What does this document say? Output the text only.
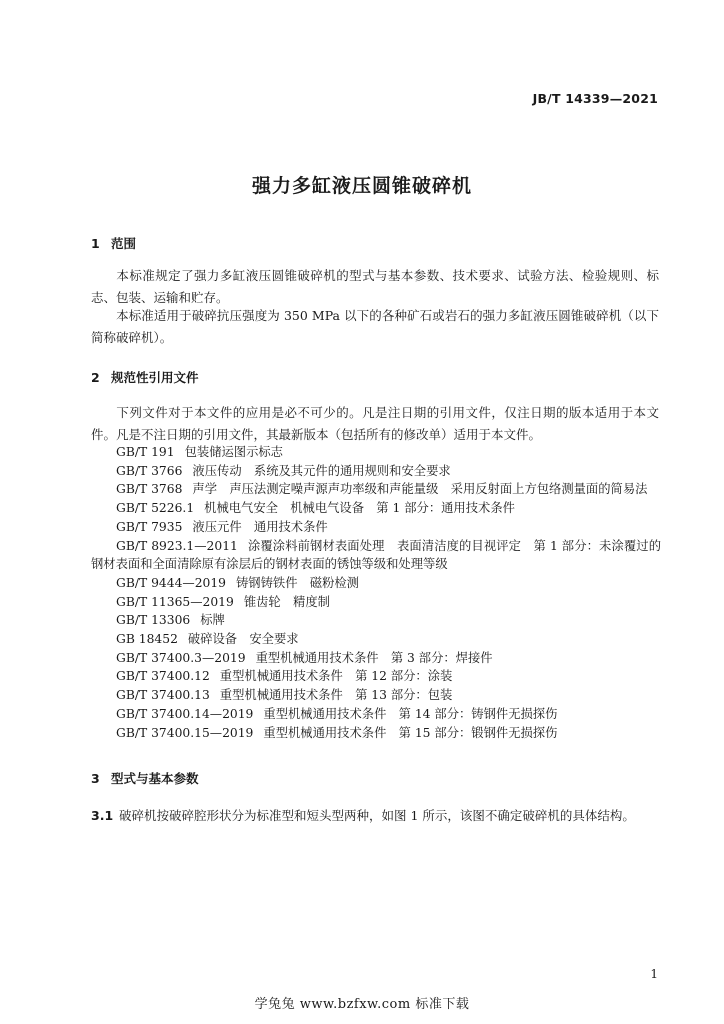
JB/T 14339—2021
强力多缸液压圆锥破碎机
1 范围
本标准规定了强力多缸液压圆锥破碎机的型式与基本参数、技术要求、试验方法、检验规则、标志、包装、运输和贮存。
本标准适用于破碎抗压强度为 350 MPa 以下的各种矿石或岩石的强力多缸液压圆锥破碎机（以下简称破碎机）。
2 规范性引用文件
下列文件对于本文件的应用是必不可少的。凡是注日期的引用文件，仅注日期的版本适用于本文件。凡是不注日期的引用文件，其最新版本（包括所有的修改单）适用于本文件。
GB/T 191 包装储运图示标志
GB/T 3766 液压传动　系统及其元件的通用规则和安全要求
GB/T 3768 声学　声压法测定噪声源声功率级和声能量级　采用反射面上方包络测量面的简易法
GB/T 5226.1 机械电气安全　机械电气设备　第 1 部分：通用技术条件
GB/T 7935 液压元件　通用技术条件
GB/T 8923.1—2011 涂覆涂料前钢材表面处理　表面清洁度的目视评定　第 1 部分：未涂覆过的钢材表面和全面清除原有涂层后的钢材表面的锈蚀等级和处理等级
GB/T 9444—2019 铸钢铸铁件　磁粉检测
GB/T 11365—2019 锥齿轮　精度制
GB/T 13306 标牌
GB 18452 破碎设备　安全要求
GB/T 37400.3—2019 重型机械通用技术条件　第 3 部分：焊接件
GB/T 37400.12 重型机械通用技术条件　第 12 部分：涂装
GB/T 37400.13 重型机械通用技术条件　第 13 部分：包装
GB/T 37400.14—2019 重型机械通用技术条件　第 14 部分：铸钢件无损探伤
GB/T 37400.15—2019 重型机械通用技术条件　第 15 部分：锻钢件无损探伤
3 型式与基本参数
3.1 破碎机按破碎腔形状分为标准型和短头型两种，如图 1 所示，该图不确定破碎机的具体结构。
1
学兔兔 www.bzfxw.com 标准下载
